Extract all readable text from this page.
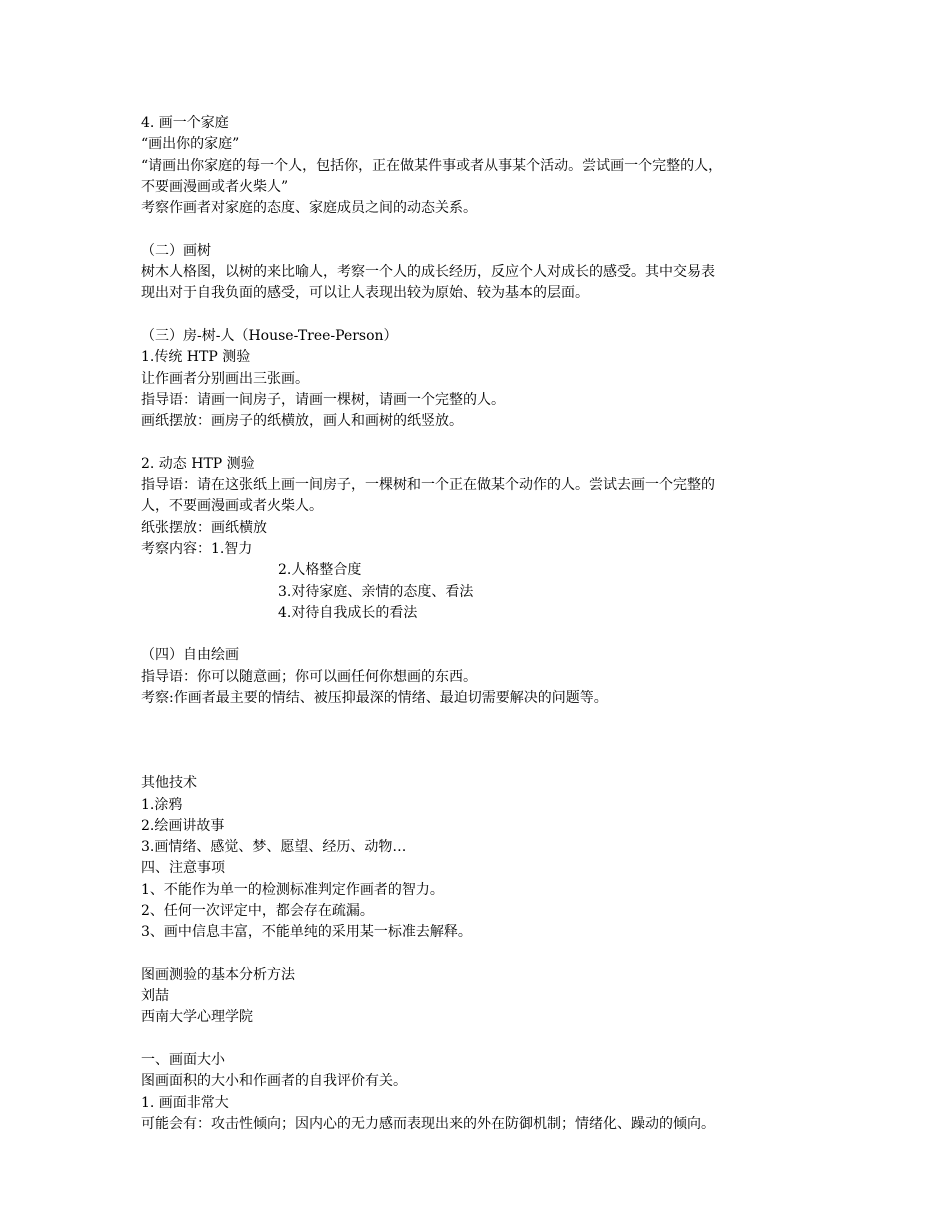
4. 画一个家庭
“画出你的家庭”
“请画出你家庭的每一个人，包括你，正在做某件事或者从事某个活动。尝试画一个完整的人，
不要画漫画或者火柴人”
考察作画者对家庭的态度、家庭成员之间的动态关系。
（二）画树
树木人格图，以树的来比喻人，考察一个人的成长经历，反应个人对成长的感受。其中交易表
现出对于自我负面的感受，可以让人表现出较为原始、较为基本的层面。
（三）房-树-人（House-Tree-Person）
1.传统 HTP 测验
让作画者分别画出三张画。
指导语：请画一间房子，请画一棵树，请画一个完整的人。
画纸摆放：画房子的纸横放，画人和画树的纸竖放。
2. 动态 HTP 测验
指导语：请在这张纸上画一间房子，一棵树和一个正在做某个动作的人。尝试去画一个完整的
人，不要画漫画或者火柴人。
纸张摆放：画纸横放
考察内容：1.智力
2.人格整合度
3.对待家庭、亲情的态度、看法
4.对待自我成长的看法
（四）自由绘画
指导语：你可以随意画；你可以画任何你想画的东西。
考察:作画者最主要的情结、被压抑最深的情绪、最迫切需要解决的问题等。
其他技术
1.涂鸦
2.绘画讲故事
3.画情绪、感觉、梦、愿望、经历、动物…
四、注意事项
1、不能作为单一的检测标准判定作画者的智力。
2、任何一次评定中，都会存在疏漏。
3、画中信息丰富，不能单纯的采用某一标准去解释。
图画测验的基本分析方法
刘喆
西南大学心理学院
一、画面大小
图画面积的大小和作画者的自我评价有关。
1. 画面非常大
可能会有：攻击性倾向；因内心的无力感而表现出来的外在防御机制；情绪化、躁动的倾向。
